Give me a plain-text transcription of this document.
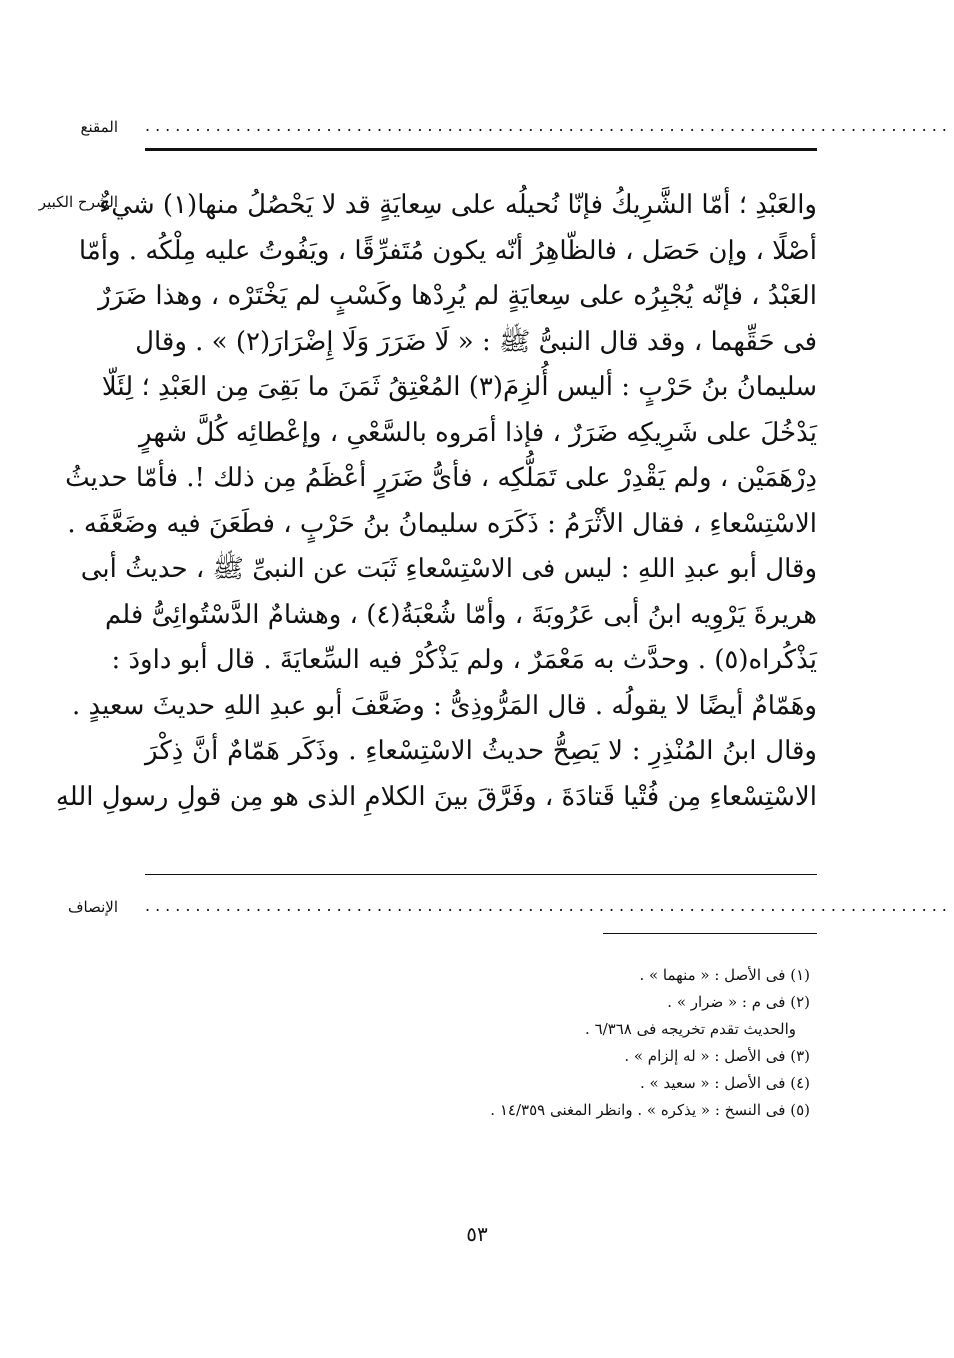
المقنع ................................................................................
الشرح الكبير
والعَبْدِ ؛ أمّا الشَّرِيكُ فإنّا نُحيلُه على سِعايَةٍ قد لا يَحْصُلُ منها(١) شيءٌ
أصْلًا ، وإن حَصَل ، فالظّاهِرُ أنّه يكون مُتَفرِّقًا ، ويَفُوتُ عليه مِلْكُه . وأمّا
العَبْدُ ، فإنّه يُجْبِرُه على سِعايَةٍ لم يُرِدْها وكَسْبٍ لم يَخْتَرْه ، وهذا ضَرَرٌ
فى حَقِّهما ، وقد قال النبىُّ ﷺ : « لَا ضَرَرَ وَلَا إِضْرَارَ(٢) » . وقال
سليمانُ بنُ حَرْبٍ : أليس أُلزِمَ(٣) المُعْتِقُ ثَمَنَ ما بَقِىَ مِن العَبْدِ ؛ لِئَلّا
يَدْخُلَ على شَرِيكِه ضَرَرٌ ، فإذا أمَروه بالسَّعْىِ ، وإعْطائِه كُلَّ شهرٍ
دِرْهَمَيْن ، ولم يَقْدِرْ على تَمَلُّكِه ، فأىُّ ضَرَرٍ أعْظَمُ مِن ذلك !. فأمّا حديثُ
الاسْتِسْعاءِ ، فقال الأثْرَمُ : ذَكَرَه سليمانُ بنُ حَرْبٍ ، فطَعَنَ فيه وضَعَّفَه .
وقال أبو عبدِ اللهِ : ليس فى الاسْتِسْعاءِ ثَبَت عن النبىِّ ﷺ ، حديثُ أبى
هريرةَ يَرْوِيه ابنُ أبى عَرُوبَةَ ، وأمّا شُعْبَةُ(٤) ، وهشامٌ الدَّسْتُوائِىُّ فلم
يَذْكُراه(٥) . وحدَّث به مَعْمَرٌ ، ولم يَذْكُرْ فيه السِّعايَةَ . قال أبو داودَ :
وهَمّامٌ أيضًا لا يقولُه . قال المَرُّوذِىُّ : وضَعَّفَ أبو عبدِ اللهِ حديثَ سعيدٍ .
وقال ابنُ المُنْذِرِ : لا يَصِحُّ حديثُ الاسْتِسْعاءِ . وذَكَر هَمّامٌ أنَّ ذِكْرَ
الاسْتِسْعاءِ مِن فُتْيا قَتادَةَ ، وفَرَّقَ بينَ الكلامِ الذى هو مِن قولِ رسولِ اللهِ
الإنصاف ................................................................................
(١) فى الأصل : « منهما » .
(٢) فى م : « ضرار » .
والحديث تقدم تخريجه فى ٦/٣٦٨ .
(٣) فى الأصل : « له إلزام » .
(٤) فى الأصل : « سعيد » .
(٥) فى النسخ : « يذكره » . وانظر المغنى ١٤/٣٥٩ .
٥٣
